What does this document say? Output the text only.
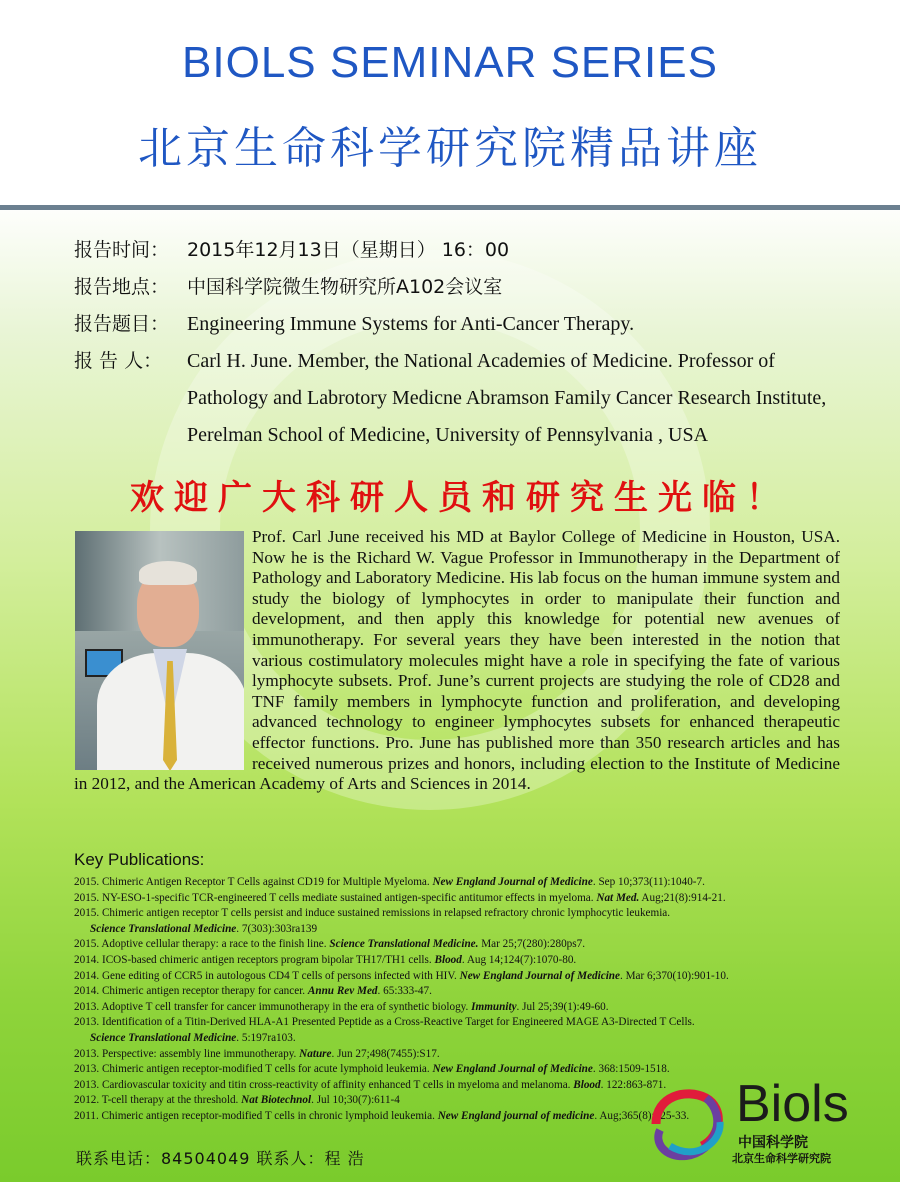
BIOLS SEMINAR SERIES
北京生命科学研究院精品讲座
报告时间： 2015年12月13日（星期日） 16：00
报告地点： 中国科学院微生物研究所A102会议室
报告题目： Engineering Immune Systems for Anti-Cancer Therapy.
报 告 人：	Carl H. June. Member, the National Academies of Medicine. Professor of Pathology and Labrotory Medicne Abramson Family Cancer Research Institute, Perelman School of Medicine, University of Pennsylvania , USA
欢迎广大科研人员和研究生光临！
Prof. Carl June received his MD at Baylor College of Medicine in Houston, USA. Now he is the Richard W. Vague Professor in Immunotherapy in the Department of Pathology and Laboratory Medicine. His lab focus on the human immune system and study the biology of lymphocytes in order to manipulate their function and development, and then apply this knowledge for potential new avenues of immunotherapy. For several years they have been interested in the notion that various costimulatory molecules might have a role in specifying the fate of various lymphocyte subsets. Prof. June’s current projects are studying the role of CD28 and TNF family members in lymphocyte function and proliferation, and developing advanced technology to engineer lymphocytes subsets for enhanced therapeutic effector functions. Pro. June has published more than 350 research articles and has received numerous prizes and honors, including election to the Institute of Medicine in 2012, and the American Academy of Arts and Sciences in 2014.
Key Publications:
2015. Chimeric Antigen Receptor T Cells against CD19 for Multiple Myeloma. New England Journal of Medicine. Sep 10;373(11):1040-7.
2015. NY-ESO-1-specific TCR-engineered T cells mediate sustained antigen-specific antitumor effects in myeloma. Nat Med. Aug;21(8):914-21.
2015. Chimeric antigen receptor T cells persist and induce sustained remissions in relapsed refractory chronic lymphocytic leukemia.
Science Translational Medicine. 7(303):303ra139
2015. Adoptive cellular therapy: a race to the finish line. Science Translational Medicine. Mar 25;7(280):280ps7.
2014. ICOS-based chimeric antigen receptors program bipolar TH17/TH1 cells. Blood. Aug 14;124(7):1070-80.
2014. Gene editing of CCR5 in autologous CD4 T cells of persons infected with HIV. New England Journal of Medicine. Mar 6;370(10):901-10.
2014. Chimeric antigen receptor therapy for cancer. Annu Rev Med. 65:333-47.
2013. Adoptive T cell transfer for cancer immunotherapy in the era of synthetic biology. Immunity. Jul 25;39(1):49-60.
2013. Identification of a Titin-Derived HLA-A1 Presented Peptide as a Cross-Reactive Target for Engineered MAGE A3-Directed T Cells.
Science Translational Medicine. 5:197ra103.
2013. Perspective: assembly line immunotherapy. Nature. Jun 27;498(7455):S17.
2013. Chimeric antigen receptor-modified T cells for acute lymphoid leukemia. New England Journal of Medicine. 368:1509-1518.
2013. Cardiovascular toxicity and titin cross-reactivity of affinity enhanced T cells in myeloma and melanoma. Blood. 122:863-871.
2012. T-cell therapy at the threshold. Nat Biotechnol. Jul 10;30(7):611-4
2011. Chimeric antigen receptor-modified T cells in chronic lymphoid leukemia. New England journal of medicine. Aug;365(8):725-33.
联系电话：84504049 联系人：程 浩
Biols
中国科学院
北京生命科学研究院
